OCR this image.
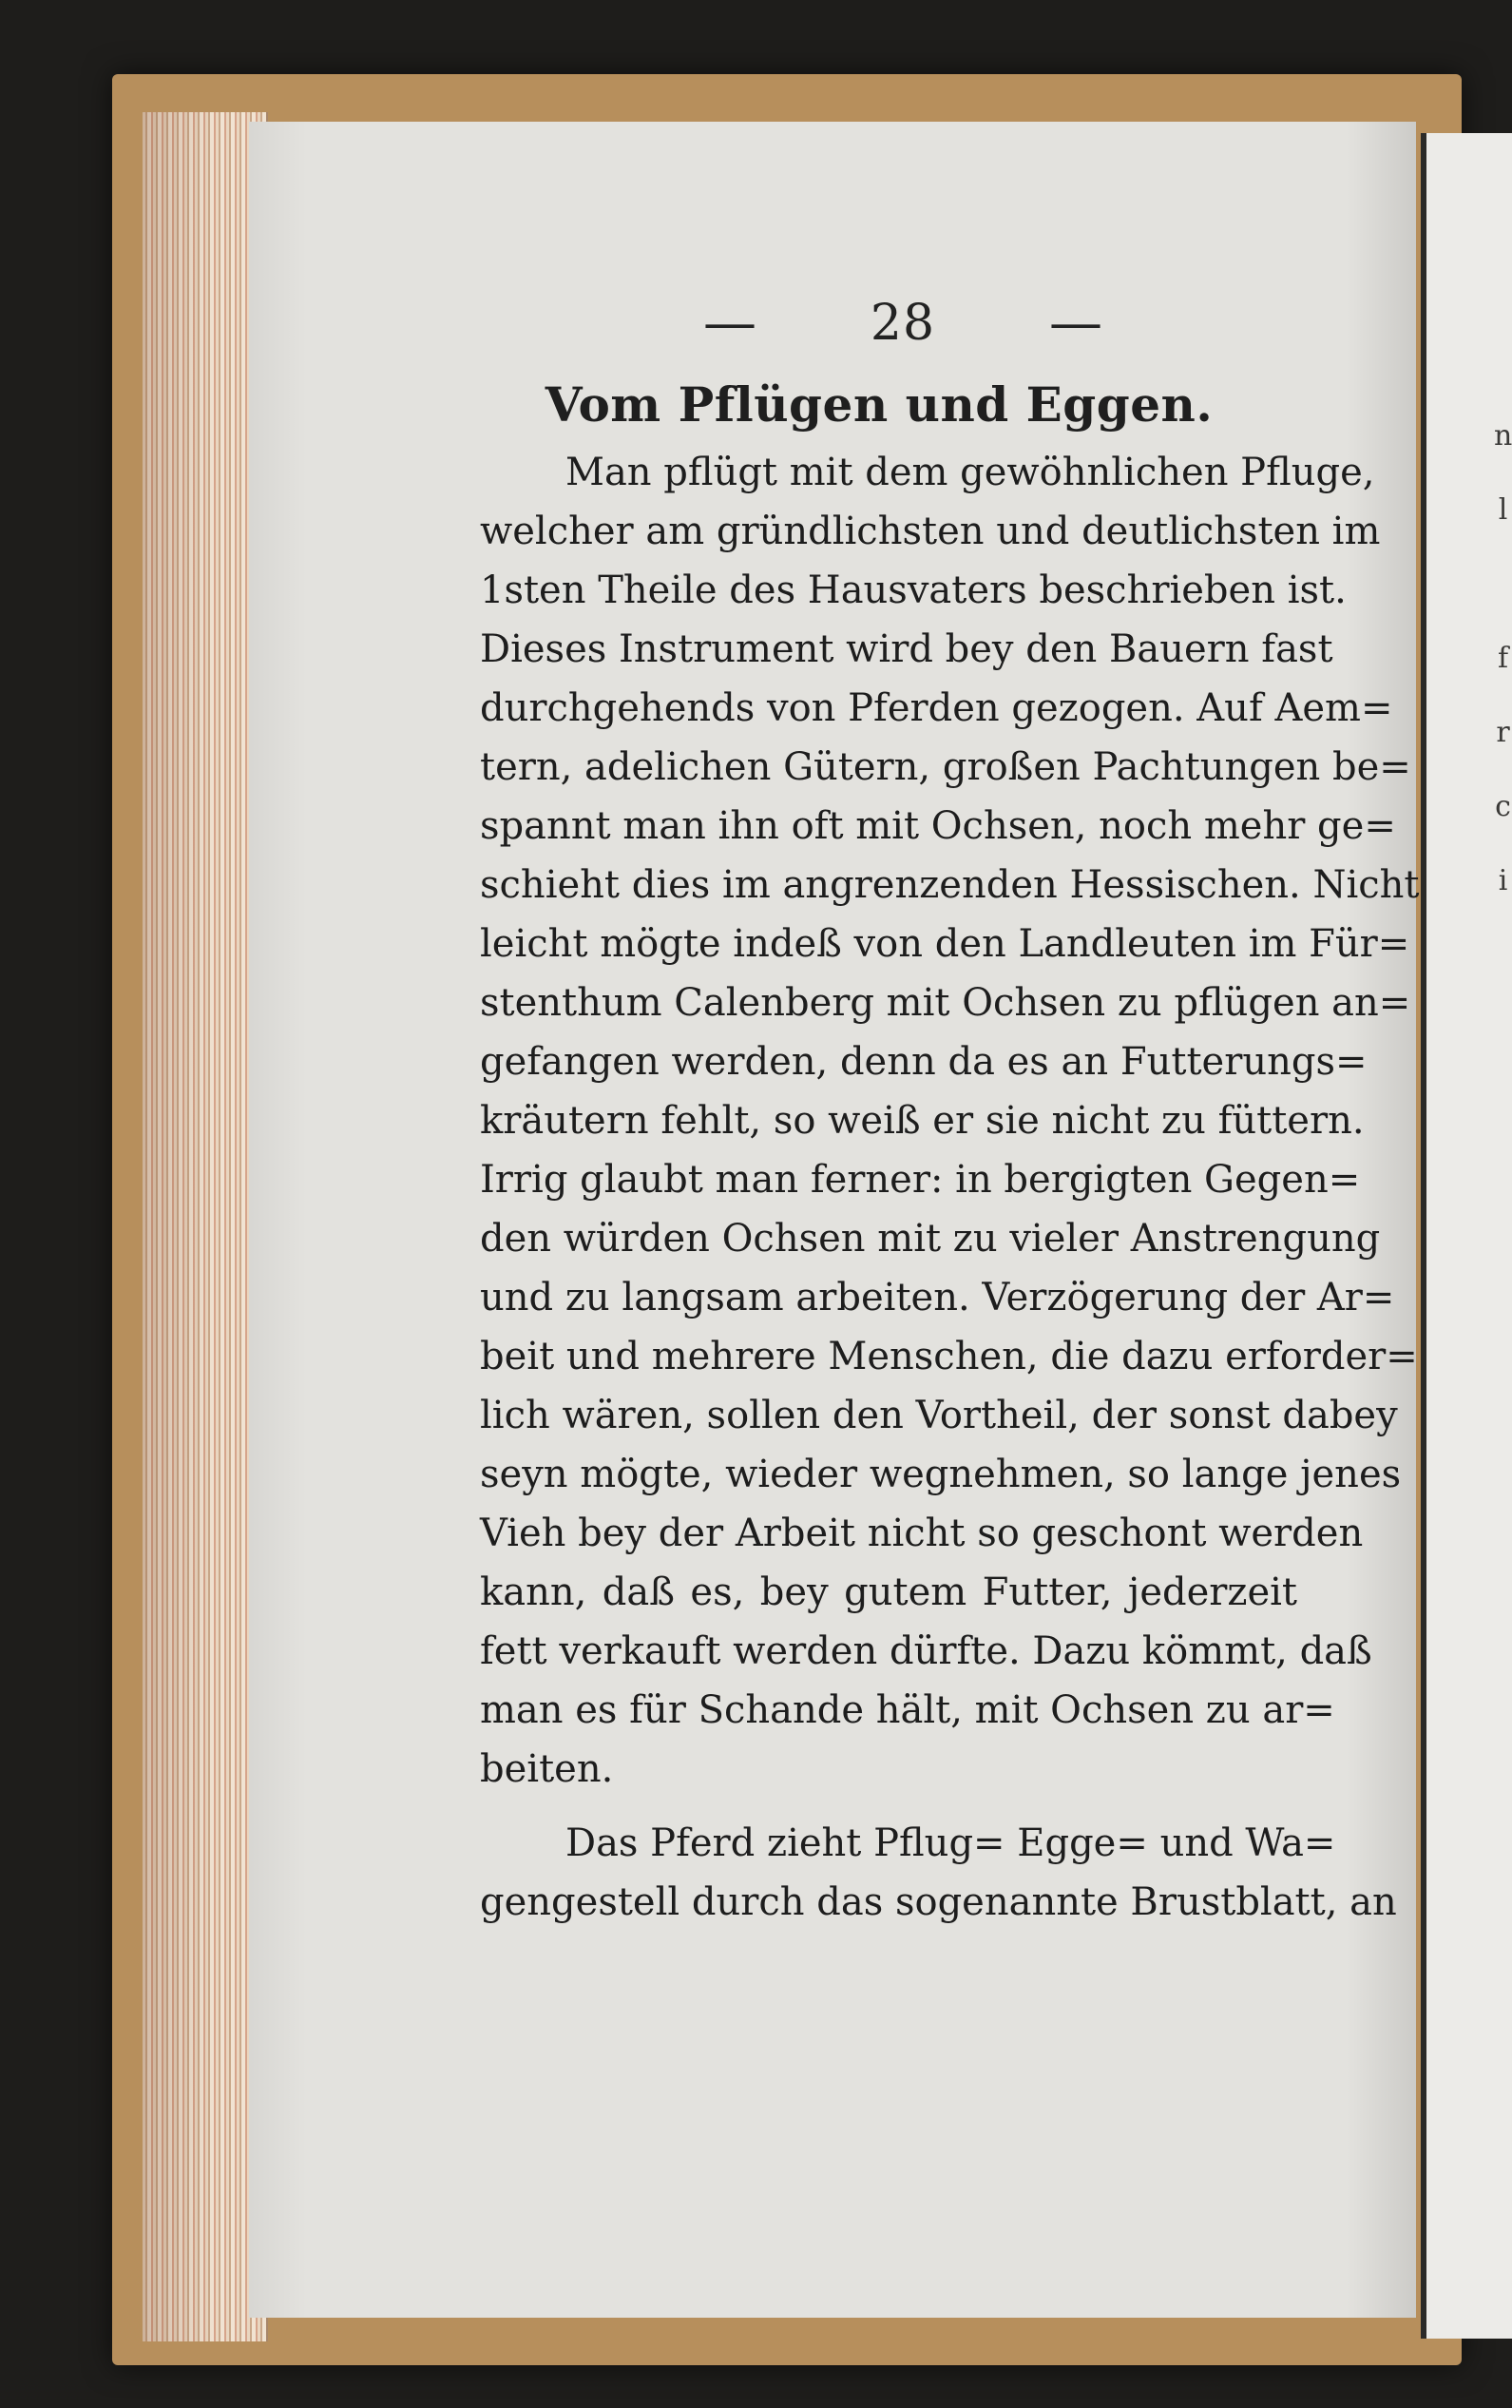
n
l

f
r
c
i
— 28 —
Vom Pflügen und Eggen.
Man pflügt mit dem gewöhnlichen Pfluge,
welcher am gründlichsten und deutlichsten im
1sten Theile des Hausvaters beschrieben ist.
Dieses Instrument wird bey den Bauern fast
durchgehends von Pferden gezogen. Auf Aem=
tern, adelichen Gütern, großen Pachtungen be=
spannt man ihn oft mit Ochsen, noch mehr ge=
schieht dies im angrenzenden Hessischen. Nicht
leicht mögte indeß von den Landleuten im Für=
stenthum Calenberg mit Ochsen zu pflügen an=
gefangen werden, denn da es an Futterungs=
kräutern fehlt, so weiß er sie nicht zu füttern.
Irrig glaubt man ferner: in bergigten Gegen=
den würden Ochsen mit zu vieler Anstrengung
und zu langsam arbeiten. Verzögerung der Ar=
beit und mehrere Menschen, die dazu erforder=
lich wären, sollen den Vortheil, der sonst dabey
seyn mögte, wieder wegnehmen, so lange jenes
Vieh bey der Arbeit nicht so geschont werden
kann, daß es, bey gutem Futter, jederzeit
fett verkauft werden dürfte. Dazu kömmt, daß
man es für Schande hält, mit Ochsen zu ar=
beiten.
Das Pferd zieht Pflug= Egge= und Wa=
gengestell durch das sogenannte Brustblatt, an
